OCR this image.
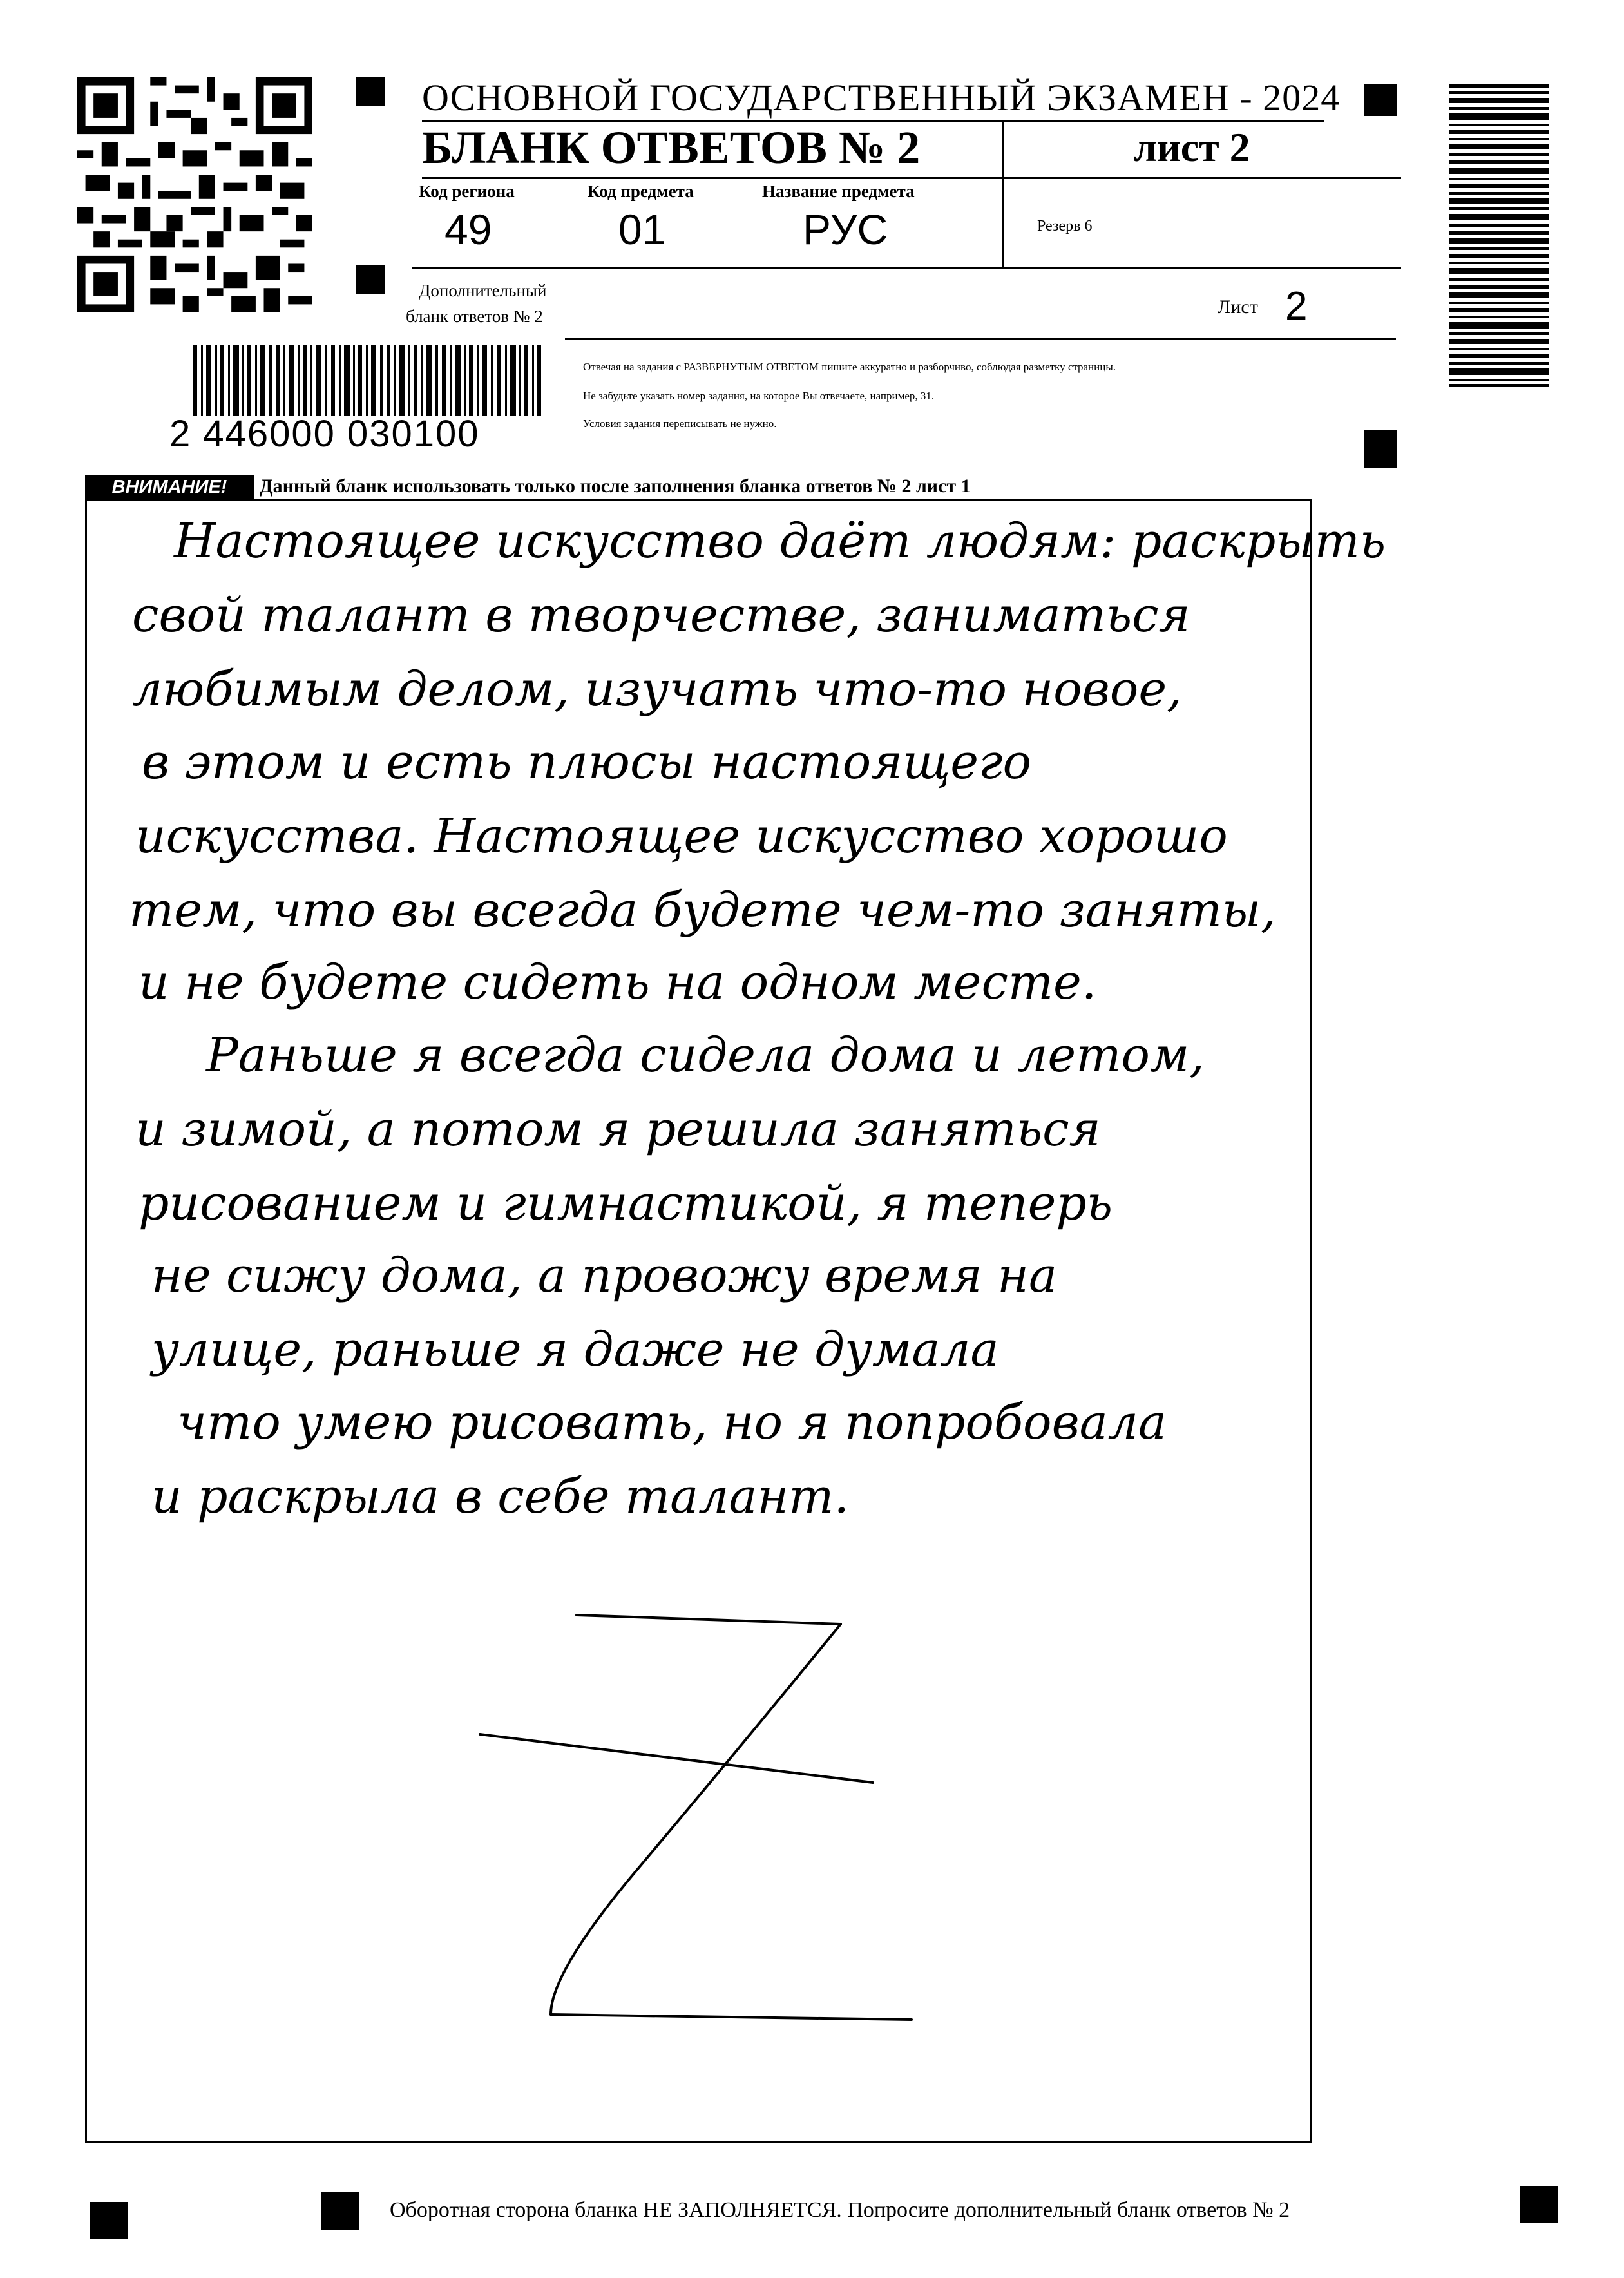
ОСНОВНОЙ ГОСУДАРСТВЕННЫЙ ЭКЗАМЕН - 2024
БЛАНК ОТВЕТОВ № 2	лист 2
Код региона
49
Код предмета
01
Название предмета
РУС	Резерв 6
Дополнительный
бланк ответов № 2	Лист 2
2 446000 030100
Отвечая на задания с РАЗВЕРНУТЫМ ОТВЕТОМ пишите аккуратно и разборчиво, соблюдая разметку страницы.
Не забудьте указать номер задания, на которое Вы отвечаете, например, 31.
Условия задания переписывать не нужно.
ВНИМАНИЕ!	Данный бланк использовать только после заполнения бланка ответов № 2 лист 1
Настоящее искусство даёт людям: раскрыть
свой талант в творчестве, заниматься
любимым делом, изучать что-то новое,
в этом и есть плюсы настоящего
искусства. Настоящее искусство хорошо
тем, что вы всегда будете чем-то заняты,
и не будете сидеть на одном месте.
Раньше я всегда сидела дома и летом,
и зимой, а потом я решила заняться
рисованием и гимнастикой, я теперь
не сижу дома, а провожу время на
улице, раньше я даже не думала
что умею рисовать, но я попробовала
и раскрыла в себе талант.
Оборотная сторона бланка НЕ ЗАПОЛНЯЕТСЯ. Попросите дополнительный бланк ответов № 2
